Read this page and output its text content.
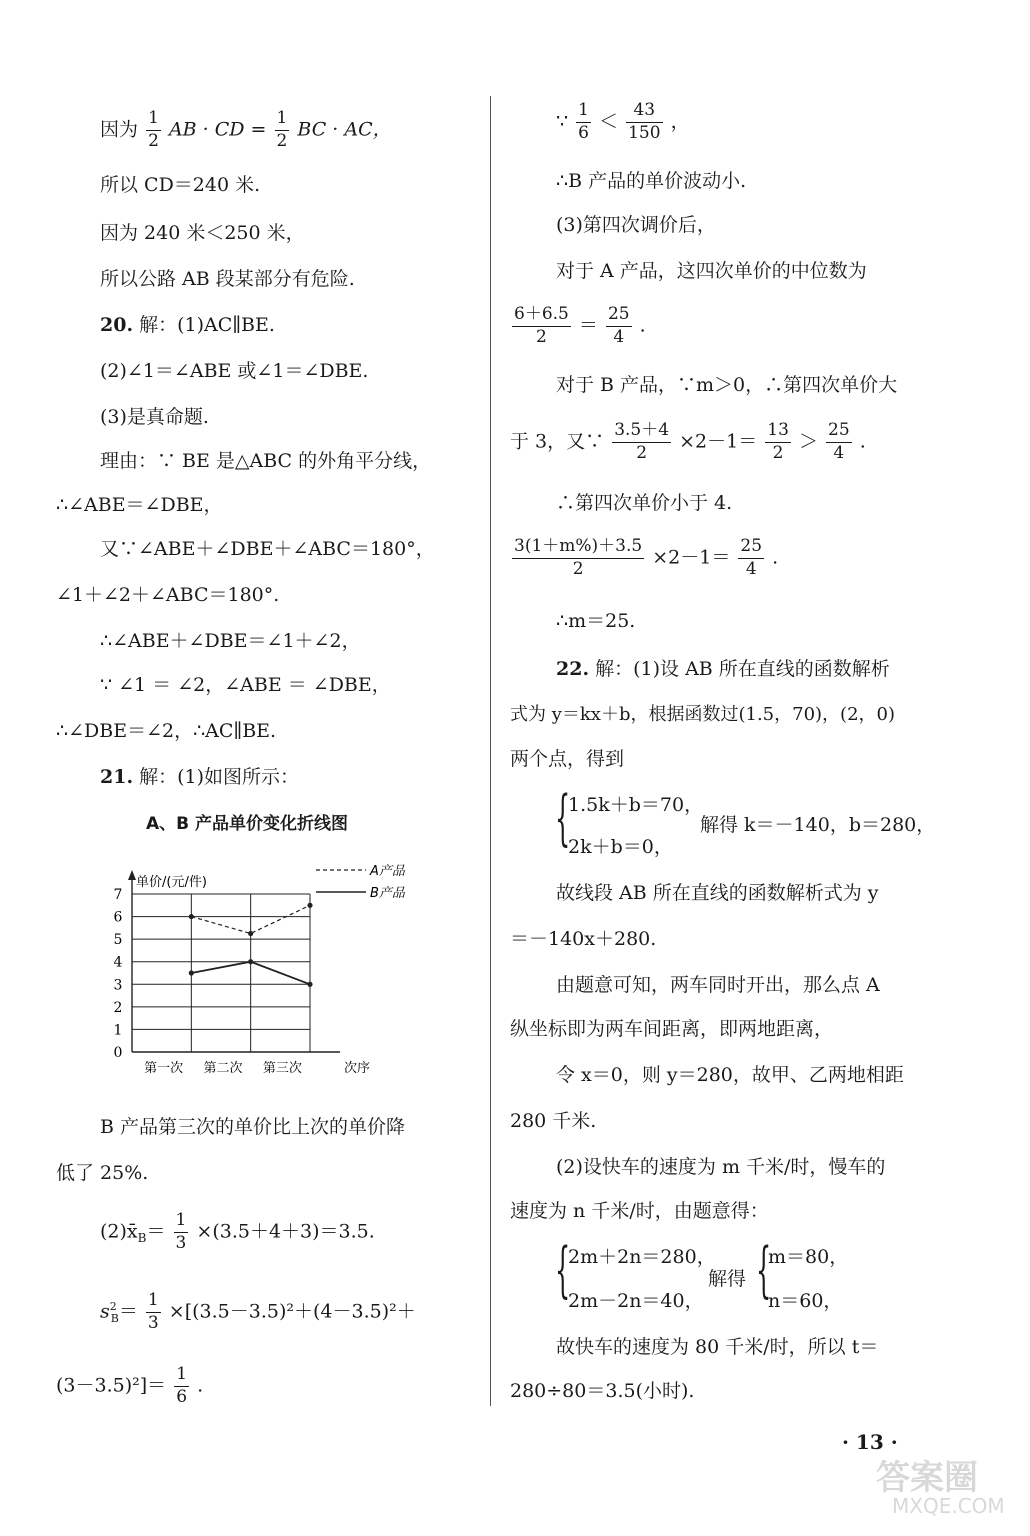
因为 $\frac{1}{2}$ AB · CD = $\frac{1}{2}$ BC · AC，
所以 CD＝240 米.
因为 240 米＜250 米，
所以公路 AB 段某部分有危险.
20. 解：(1)AC∥BE.
(2)∠1＝∠ABE 或∠1＝∠DBE.
(3)是真命题.
理由：∵ BE 是△ABC 的外角平分线，
∴∠ABE＝∠DBE，
又∵∠ABE＋∠DBE＋∠ABC＝180°，
∠1＋∠2＋∠ABC＝180°.
∴∠ABE＋∠DBE＝∠1＋∠2，
∵ ∠1 ＝ ∠2，∠ABE ＝ ∠DBE，
∴∠DBE＝∠2，∴AC∥BE.
21. 解：(1)如图所示：
A、B 产品单价变化折线图
0
1
2
3
4
5
6
7
第一次 第二次 第三次
单价/(元/件)
次序
A产品
B产品
B 产品第三次的单价比上次的单价降
低了 25%.
$(2)x̄_B= \frac{1}{3} \times(3.5+4+3)=3.5$.
$s^2_B= \frac{1}{3} \times[(3.5-3.5)^2+(4-3.5)^2+$
$(3-3.5)^2]= \frac{1}{6}$ .
∵ $\frac{1}{6} < \frac{43}{150}$ ，
∴B 产品的单价波动小.
(3)第四次调价后，
对于 A 产品，这四次单价的中位数为
$\frac{6+6.5}{2} = \frac{25}{4}$ .
对于 B 产品，∵m＞0，∴第四次单价大
于 3，又∵ $\frac{3.5+4}{2} \times 2-1= \frac{13}{2} > \frac{25}{4}$ .
∴第四次单价小于 4.
$\frac{3(1+m\%)+3.5}{2} \times 2-1= \frac{25}{4}$ .
∴m＝25.
22. 解：(1)设 AB 所在直线的函数解析
式为 y＝kx＋b，根据函数过(1.5，70)，(2，0)
两个点，得到
{
1.5k＋b＝70，
2k＋b＝0，
解得 k＝－140，b＝280，
故线段 AB 所在直线的函数解析式为 y
＝－140x＋280.
由题意可知，两车同时开出，那么点 A
纵坐标即为两车间距离，即两地距离，
令 x＝0，则 y＝280，故甲、乙两地相距
280 千米.
(2)设快车的速度为 m 千米/时，慢车的
速度为 n 千米/时，由题意得：
{
2m＋2n＝280，
2m－2n＝40，
解得 {
m＝80，
n＝60，
故快车的速度为 80 千米/时，所以 t＝
280÷80＝3.5(小时).
· 13 ·
答案圈
MXQE.COM
